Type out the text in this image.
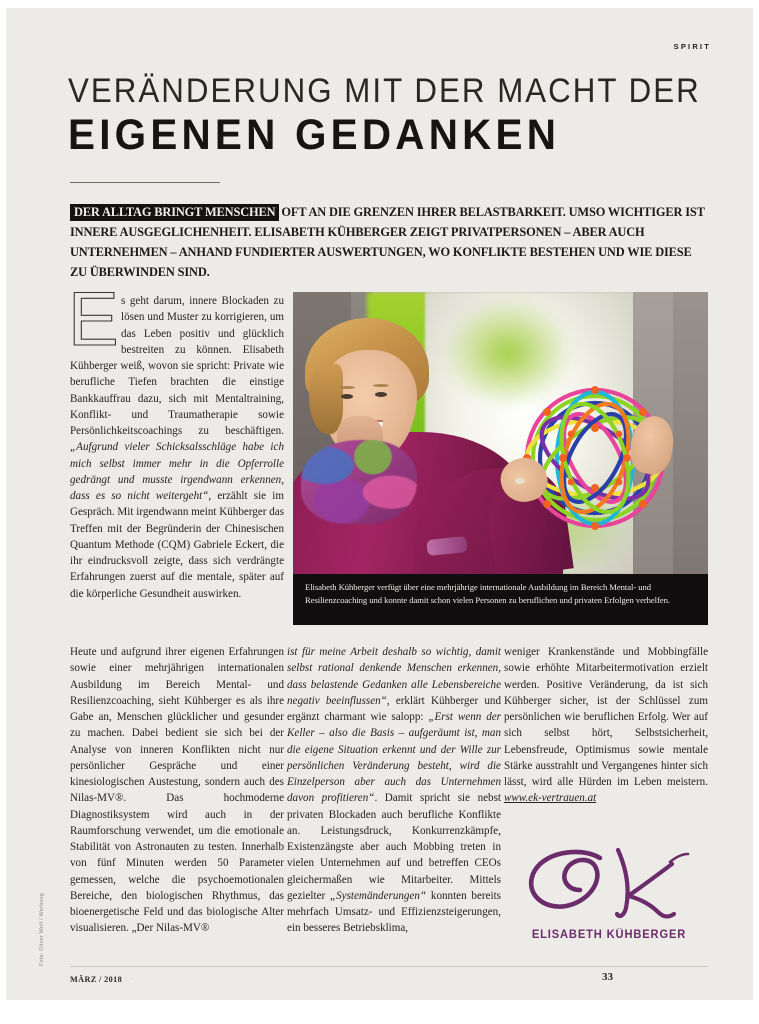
SPIRIT
VERÄNDERUNG MIT DER MACHT DER
EIGENEN GEDANKEN
DER ALLTAG BRINGT MENSCHEN OFT AN DIE GRENZEN IHRER BELASTBARKEIT. UMSO WICHTIGER IST INNERE AUSGEGLICHENHEIT. ELISABETH KÜHBERGER ZEIGT PRIVATPERSONEN – ABER AUCH UNTERNEHMEN – ANHAND FUNDIERTER AUSWERTUNGEN, WO KONFLIKTE BESTEHEN UND WIE DIESE ZU ÜBERWINDEN SIND.
Elisabeth Kühberger verfügt über eine mehrjährige internationale Ausbildung im Bereich Mental- und Resilienzcoaching und konnte damit schon vielen Personen zu beruflichen und privaten Erfolgen verhelfen.
E s geht darum, innere Blockaden zu lösen und Muster zu korrigieren, um das Leben positiv und glücklich bestreiten zu können. Elisabeth Kühberger weiß, wovon sie spricht: Private wie berufliche Tiefen brachten die einstige Bankkauffrau dazu, sich mit Mentaltraining, Konflikt- und Traumatherapie sowie Persönlichkeitscoachings zu beschäftigen. „Aufgrund vieler Schicksalsschläge habe ich mich selbst immer mehr in die Opferrolle gedrängt und musste irgendwann erkennen, dass es so nicht weitergeht“, erzählt sie im Gespräch. Mit irgendwann meint Kühberger das Treffen mit der Begründerin der Chinesischen Quantum Methode (CQM) Gabriele Eckert, die ihr eindrucksvoll zeigte, dass sich verdrängte Erfahrungen zuerst auf die mentale, später auf die körperliche Gesundheit auswirken.

Heute und aufgrund ihrer eigenen Erfahrungen sowie einer mehrjährigen internationalen Ausbildung im Bereich Mental- und Resilienzcoaching, sieht Kühberger es als ihre Gabe an, Menschen glücklicher und gesunder zu machen. Dabei bedient sie sich bei der Analyse von inneren Konflikten nicht nur persönlicher Gespräche und einer kinesiologischen Austestung, sondern auch des Nilas-MV®. Das hochmoderne Diagnostiksystem wird auch in der Raumforschung verwendet, um die emotionale Stabilität von Astronauten zu testen. Innerhalb von fünf Minuten werden 50 Parameter gemessen, welche die psychoemotionalen Bereiche, den biologischen Rhythmus, das bioenergetische Feld und das biologische Alter visualisieren. „Der Nilas-MV®

ist für meine Arbeit deshalb so wichtig, damit selbst rational denkende Menschen erkennen, dass belastende Gedanken alle Lebensbereiche negativ beeinflussen“, erklärt Kühberger und ergänzt charmant wie salopp: „Erst wenn der Keller – also die Basis – aufgeräumt ist, man die eigene Situation erkennt und der Wille zur persönlichen Veränderung besteht, wird die Einzelperson aber auch das Unternehmen davon profitieren“. Damit spricht sie nebst privaten Blockaden auch berufliche Konflikte an. Leistungsdruck, Konkurrenzkämpfe, Existenzängste aber auch Mobbing treten in vielen Unternehmen auf und betreffen CEOs gleichermaßen wie Mitarbeiter. Mittels gezielter „Systemänderungen“ konnten bereits mehrfach Umsatz- und Effizienzsteigerungen, ein besseres Betriebsklima,

weniger Krankenstände und Mobbingfälle sowie erhöhte Mitarbeitermotivation erzielt werden. Positive Veränderung, da ist sich Kühberger sicher, ist der Schlüssel zum persönlichen wie beruflichen Erfolg. Wer auf sich selbst hört, Selbstsicherheit, Lebensfreude, Optimismus sowie mentale Stärke ausstrahlt und Vergangenes hinter sich lässt, wird alle Hürden im Leben meistern. www.ek-vertrauen.at

ELISABETH KÜHBERGER
MÄRZ / 2018 · ·	33
Foto: Oliver Wolf / Werbung
